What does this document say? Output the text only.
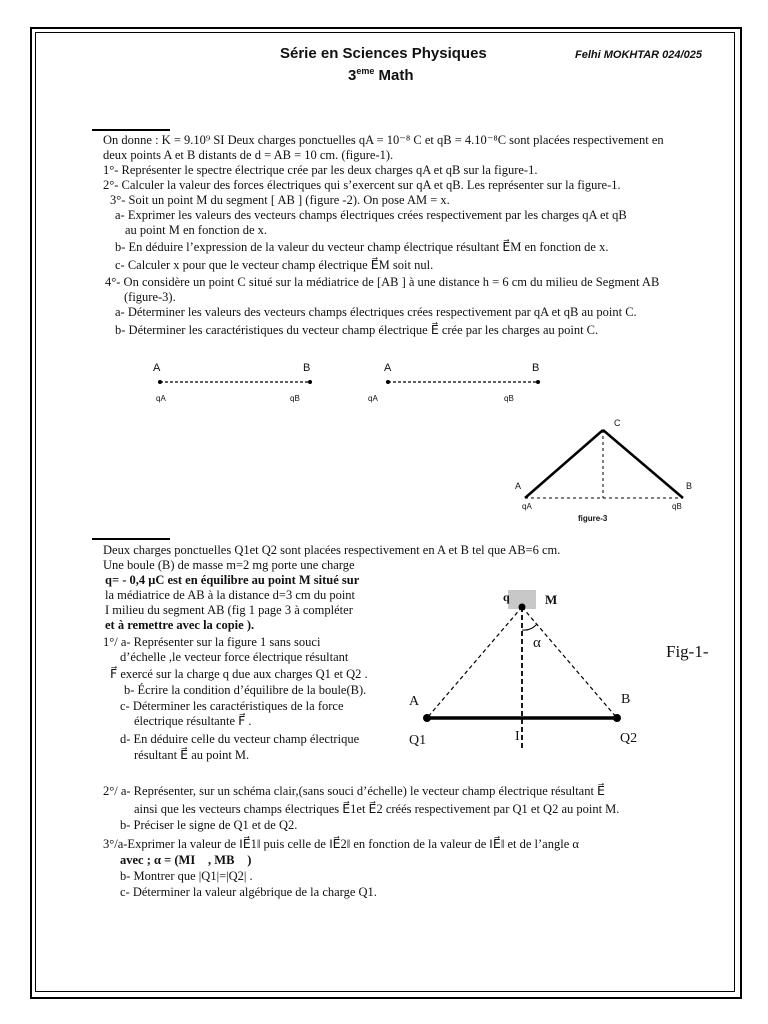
Série en Sciences Physiques
3eme Math
Felhi MOKHTAR 024/025
On donne : K = 9.10⁹ SI Deux charges ponctuelles qA = 10⁻⁸ C et qB = 4.10⁻⁸C sont placées respectivement en
deux points A et B distants de d = AB = 10 cm. (figure-1).
1°- Représenter le spectre électrique crée par les deux charges qA et qB sur la figure-1.
2°- Calculer la valeur des forces électriques qui s’exercent sur qA et qB. Les représenter sur la figure-1.
3°- Soit un point M du segment [ AB ] (figure -2). On pose AM = x.
a- Exprimer les valeurs des vecteurs champs électriques crées respectivement par les charges qA et qB
au point M en fonction de x.
b- En déduire l’expression de la valeur du vecteur champ électrique résultant E⃗M en fonction de x.
c- Calculer x pour que le vecteur champ électrique E⃗M soit nul.
4°- On considère un point C situé sur la médiatrice de [AB ] à une distance h = 6 cm du milieu de Segment AB
(figure-3).
a- Déterminer les valeurs des vecteurs champs électriques crées respectivement par qA et qB au point C.
b- Déterminer les caractéristiques du vecteur champ électrique E⃗ crée par les charges au point C.
A	B
qA	qB
A	B
qA	qB
C
A	B
qA	qB
figure-3
Deux charges ponctuelles Q1et Q2 sont placées respectivement en A et B tel que AB=6 cm.
Une boule (B) de masse m=2 mg porte une charge
q= - 0,4 μC est en équilibre au point M situé sur
la médiatrice de AB à la distance d=3 cm du point
I milieu du segment AB (fig 1 page 3 à compléter
et à remettre avec la copie ).
1°/ a- Représenter sur la figure 1 sans souci
d’échelle ,le vecteur force électrique résultant
F⃗ exercé sur la charge q due aux charges Q1 et Q2 .
b- Écrire la condition d’équilibre de la boule(B).
c- Déterminer les caractéristiques de la force
électrique résultante F⃗ .
d- En déduire celle du vecteur champ électrique
résultant E⃗ au point M.
q	M
α
A	B
I
Q1	Q2
Fig-1-
2°/ a- Représenter, sur un schéma clair,(sans souci d’échelle) le vecteur champ électrique résultant E⃗
ainsi que les vecteurs champs électriques E⃗1et E⃗2 créés respectivement par Q1 et Q2 au point M.
b- Préciser le signe de Q1 et de Q2.
3°/a-Exprimer la valeur de ‖E⃗1‖ puis celle de ‖E⃗2‖ en fonction de la valeur de ‖E⃗‖ et de l’angle α
avec ; α = (MI⃗ , MB⃗ )
b- Montrer que |Q1|=|Q2| .
c- Déterminer la valeur algébrique de la charge Q1.
